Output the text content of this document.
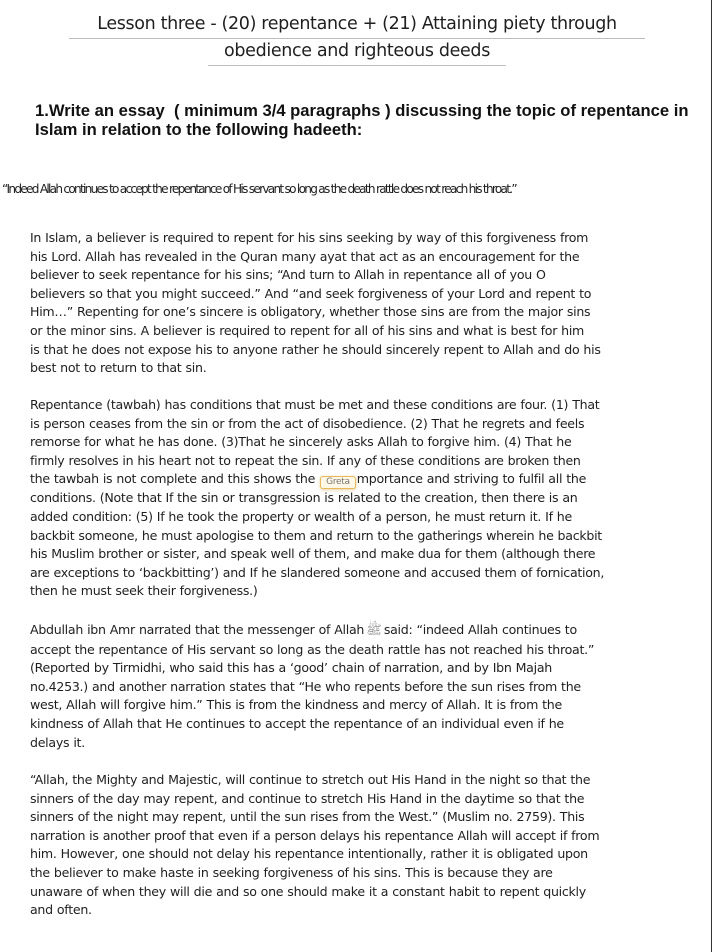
Lesson three - (20) repentance + (21) Attaining piety through
obedience and righteous deeds

1.Write an essay  ( minimum 3/4 paragraphs ) discussing the topic of repentance in
Islam in relation to the following hadeeth:

“Indeed Allah continues to accept the repentance of His servant so long as the death rattle does not reach his throat.”

In Islam, a believer is required to repent for his sins seeking by way of this forgiveness from
his Lord. Allah has revealed in the Quran many ayat that act as an encouragement for the
believer to seek repentance for his sins; “And turn to Allah in repentance all of you O
believers so that you might succeed.” And “and seek forgiveness of your Lord and repent to
Him…” Repenting for one’s sincere is obligatory, whether those sins are from the major sins
or the minor sins. A believer is required to repent for all of his sins and what is best for him
is that he does not expose his to anyone rather he should sincerely repent to Allah and do his
best not to return to that sin.
Repentance (tawbah) has conditions that must be met and these conditions are four. (1) That
is person ceases from the sin or from the act of disobedience. (2) That he regrets and feels
remorse for what he has done. (3)That he sincerely asks Allah to forgive him. (4) That he
firmly resolves in his heart not to repeat the sin. If any of these conditions are broken then
the tawbah is not complete and this shows the Greta mportance and striving to fulfil all the
conditions. (Note that If the sin or transgression is related to the creation, then there is an
added condition: (5) If he took the property or wealth of a person, he must return it. If he
backbit someone, he must apologise to them and return to the gatherings wherein he backbit
his Muslim brother or sister, and speak well of them, and make dua for them (although there
are exceptions to ‘backbitting’) and If he slandered someone and accused them of fornication,
then he must seek their forgiveness.)
Abdullah ibn Amr narrated that the messenger of Allah ﷺ said: “indeed Allah continues to
accept the repentance of His servant so long as the death rattle has not reached his throat.”
(Reported by Tirmidhi, who said this has a ‘good’ chain of narration, and by Ibn Majah
no.4253.) and another narration states that “He who repents before the sun rises from the
west, Allah will forgive him.” This is from the kindness and mercy of Allah. It is from the
kindness of Allah that He continues to accept the repentance of an individual even if he
delays it.
“Allah, the Mighty and Majestic, will continue to stretch out His Hand in the night so that the
sinners of the day may repent, and continue to stretch His Hand in the daytime so that the
sinners of the night may repent, until the sun rises from the West.” (Muslim no. 2759). This
narration is another proof that even if a person delays his repentance Allah will accept if from
him. However, one should not delay his repentance intentionally, rather it is obligated upon
the believer to make haste in seeking forgiveness of his sins. This is because they are
unaware of when they will die and so one should make it a constant habit to repent quickly
and often.
